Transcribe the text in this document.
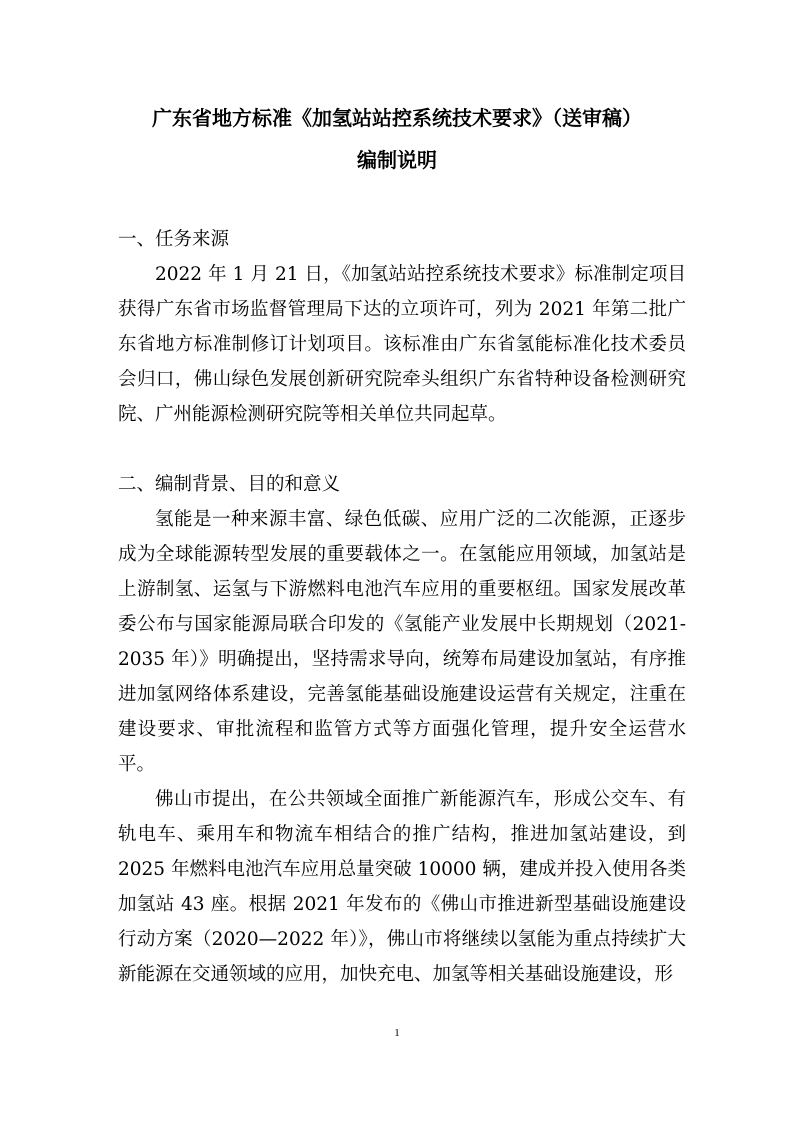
广东省地方标准《加氢站站控系统技术要求》（送审稿）
编制说明

一、任务来源

2022 年 1 月 21 日，《加氢站站控系统技术要求》标准制定项目获得广东省市场监督管理局下达的立项许可，列为 2021 年第二批广东省地方标准制修订计划项目。该标准由广东省氢能标准化技术委员会归口，佛山绿色发展创新研究院牵头组织广东省特种设备检测研究院、广州能源检测研究院等相关单位共同起草。

二、编制背景、目的和意义

氢能是一种来源丰富、绿色低碳、应用广泛的二次能源，正逐步成为全球能源转型发展的重要载体之一。在氢能应用领域，加氢站是上游制氢、运氢与下游燃料电池汽车应用的重要枢纽。国家发展改革委公布与国家能源局联合印发的《氢能产业发展中长期规划（2021-2035 年）》明确提出，坚持需求导向，统筹布局建设加氢站，有序推进加氢网络体系建设，完善氢能基础设施建设运营有关规定，注重在建设要求、审批流程和监管方式等方面强化管理，提升安全运营水平。

佛山市提出，在公共领域全面推广新能源汽车，形成公交车、有轨电车、乘用车和物流车相结合的推广结构，推进加氢站建设，到 2025 年燃料电池汽车应用总量突破 10000 辆，建成并投入使用各类加氢站 43 座。根据 2021 年发布的《佛山市推进新型基础设施建设行动方案（2020—2022 年）》，佛山市将继续以氢能为重点持续扩大新能源在交通领域的应用，加快充电、加氢等相关基础设施建设，形

1
